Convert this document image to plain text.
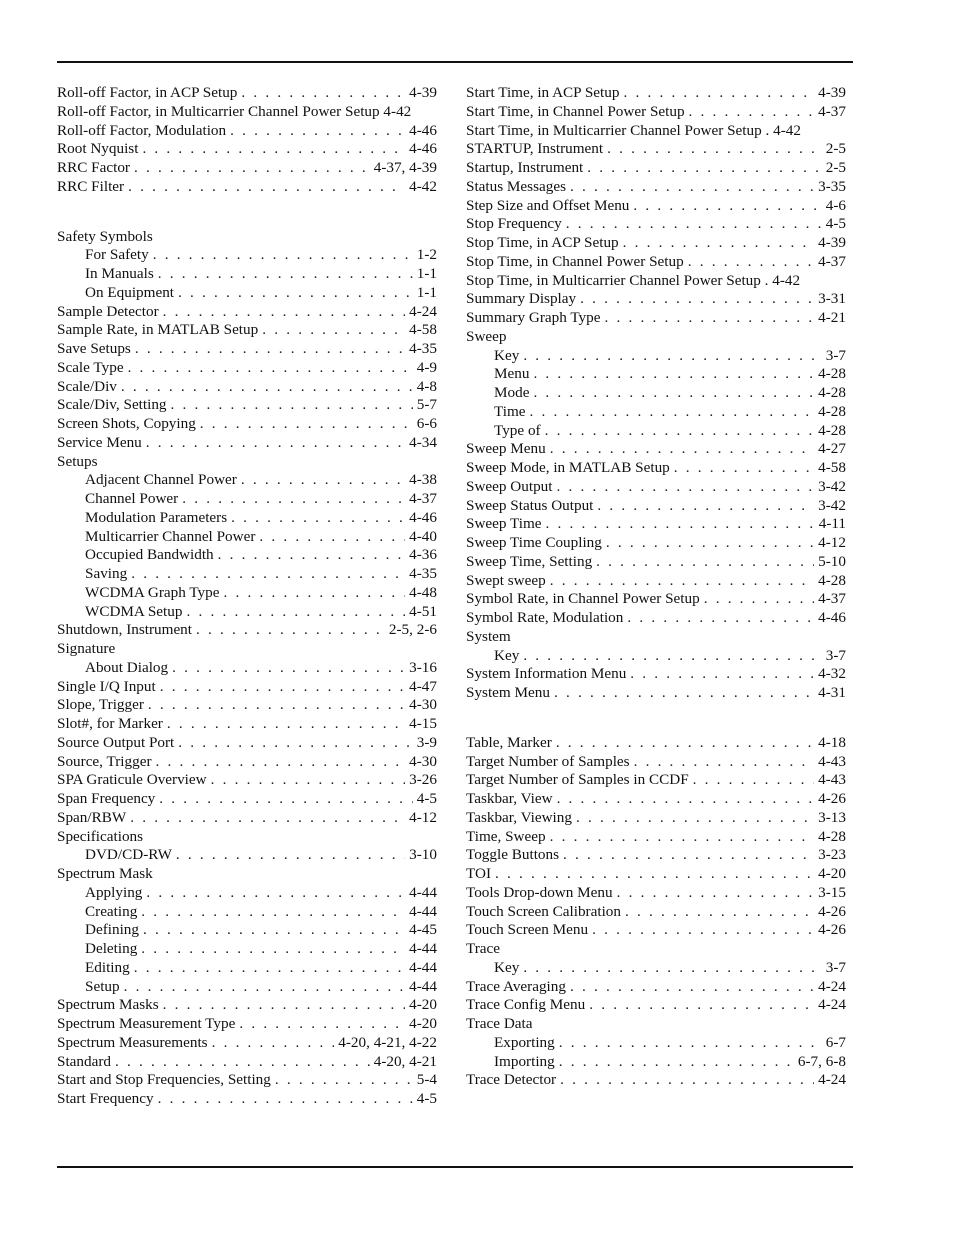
Roll-off Factor, in ACP Setup . . .	4-39
Roll-off Factor, in Multicarrier Channel Power Setup 4-42
Roll-off Factor, Modulation . . .	4-46
Root Nyquist . . .	4-46
RRC Factor . . .	4-37, 4-39
RRC Filter . . .	4-42
Safety Symbols
For Safety . . .	1-2
In Manuals . . .	1-1
On Equipment . . .	1-1
Sample Detector . . .	4-24
Sample Rate, in MATLAB Setup . . .	4-58
Save Setups . . .	4-35
Scale Type . . .	4-9
Scale/Div . . .	4-8
Scale/Div, Setting . . .	5-7
Screen Shots, Copying . . .	6-6
Service Menu . . .	4-34
Setups
Adjacent Channel Power . . .	4-38
Channel Power . . .	4-37
Modulation Parameters . . .	4-46
Multicarrier Channel Power . . .	4-40
Occupied Bandwidth . . .	4-36
Saving . . .	4-35
WCDMA Graph Type . . .	4-48
WCDMA Setup . . .	4-51
Shutdown, Instrument . . .	2-5, 2-6
Signature
About Dialog . . .	3-16
Single I/Q Input . . .	4-47
Slope, Trigger . . .	4-30
Slot#, for Marker . . .	4-15
Source Output Port . . .	3-9
Source, Trigger . . .	4-30
SPA Graticule Overview . . .	3-26
Span Frequency . . .	4-5
Span/RBW . . .	4-12
Specifications
DVD/CD-RW . . .	3-10
Spectrum Mask
Applying . . .	4-44
Creating . . .	4-44
Defining . . .	4-45
Deleting . . .	4-44
Editing . . .	4-44
Setup . . .	4-44
Spectrum Masks . . .	4-20
Spectrum Measurement Type . . .	4-20
Spectrum Measurements . . .	4-20, 4-21, 4-22
Standard . . .	4-20, 4-21
Start and Stop Frequencies, Setting . . .	5-4
Start Frequency . . .	4-5
Start Time, in ACP Setup . . .	4-39
Start Time, in Channel Power Setup . . .	4-37
Start Time, in Multicarrier Channel Power Setup . 4-42
STARTUP, Instrument . . .	2-5
Startup, Instrument . . .	2-5
Status Messages . . .	3-35
Step Size and Offset Menu . . .	4-6
Stop Frequency . . .	4-5
Stop Time, in ACP Setup . . .	4-39
Stop Time, in Channel Power Setup . . .	4-37
Stop Time, in Multicarrier Channel Power Setup . 4-42
Summary Display . . .	3-31
Summary Graph Type . . .	4-21
Sweep
Key . . .	3-7
Menu . . .	4-28
Mode . . .	4-28
Time . . .	4-28
Type of . . .	4-28
Sweep Menu . . .	4-27
Sweep Mode, in MATLAB Setup . . .	4-58
Sweep Output . . .	3-42
Sweep Status Output . . .	3-42
Sweep Time . . .	4-11
Sweep Time Coupling . . .	4-12
Sweep Time, Setting . . .	5-10
Swept sweep . . .	4-28
Symbol Rate, in Channel Power Setup . . .	4-37
Symbol Rate, Modulation . . .	4-46
System
Key . . .	3-7
System Information Menu . . .	4-32
System Menu . . .	4-31
Table, Marker . . .	4-18
Target Number of Samples . . .	4-43
Target Number of Samples in CCDF . . .	4-43
Taskbar, View . . .	4-26
Taskbar, Viewing . . .	3-13
Time, Sweep . . .	4-28
Toggle Buttons . . .	3-23
TOI . . .	4-20
Tools Drop-down Menu . . .	3-15
Touch Screen Calibration . . .	4-26
Touch Screen Menu . . .	4-26
Trace
Key . . .	3-7
Trace Averaging . . .	4-24
Trace Config Menu . . .	4-24
Trace Data
Exporting . . .	6-7
Importing . . .	6-7, 6-8
Trace Detector . . .	4-24
